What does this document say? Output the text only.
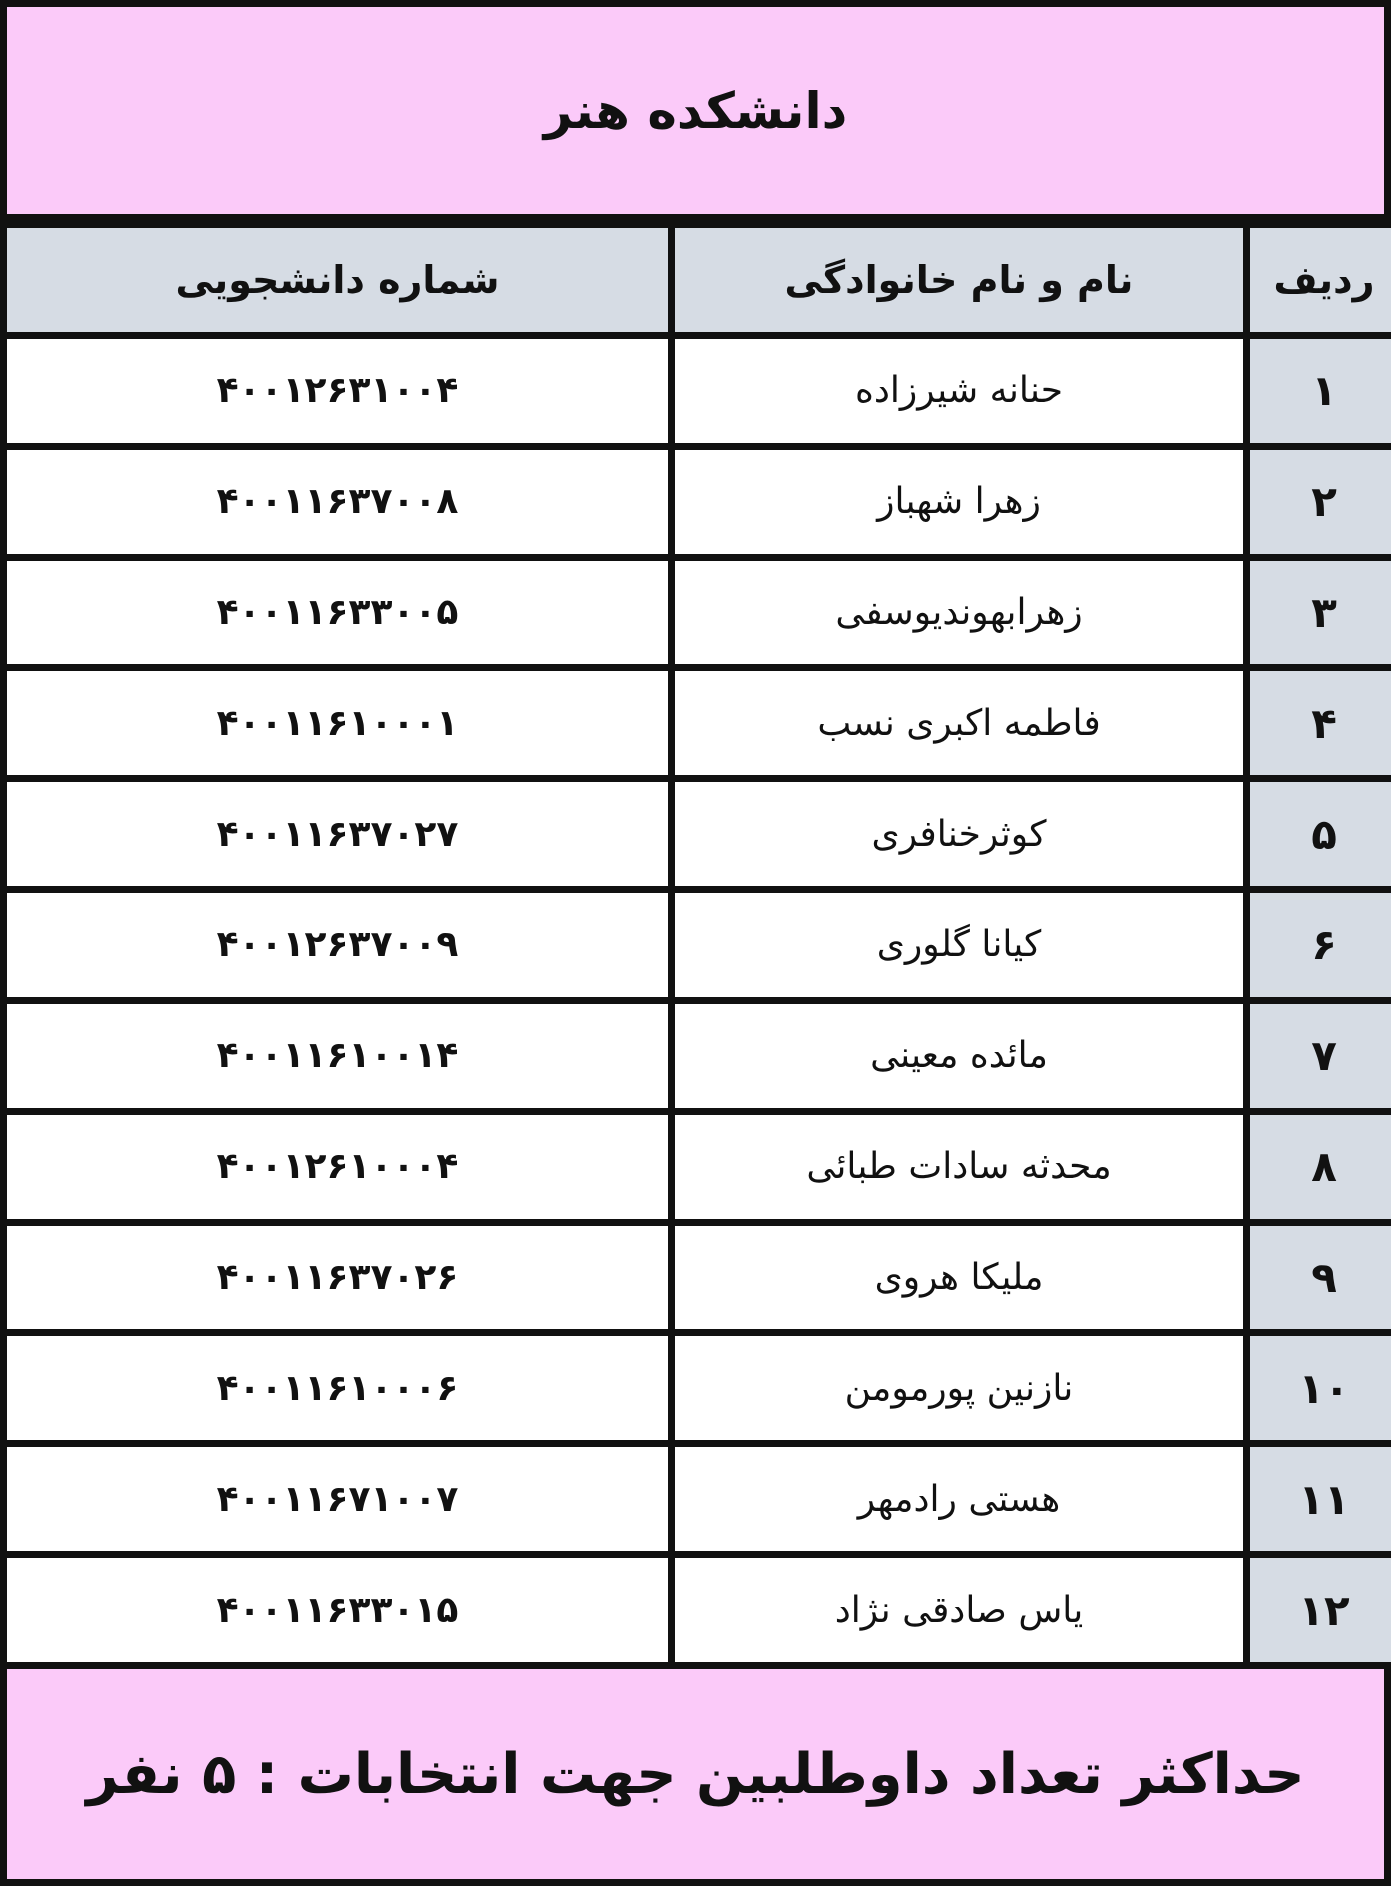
دانشکده هنر
شماره دانشجویی	نام و نام خانوادگی	ردیف
۴۰۰۱۲۶۳۱۰۰۴	حنانه شیرزاده	۱
۴۰۰۱۱۶۳۷۰۰۸	زهرا شهباز	۲
۴۰۰۱۱۶۳۳۰۰۵	زهرابهوندیوسفی	۳
۴۰۰۱۱۶۱۰۰۰۱	فاطمه اکبری نسب	۴
۴۰۰۱۱۶۳۷۰۲۷	کوثرخنافری	۵
۴۰۰۱۲۶۳۷۰۰۹	کیانا گلوری	۶
۴۰۰۱۱۶۱۰۰۱۴	مائده معینی	۷
۴۰۰۱۲۶۱۰۰۰۴	محدثه سادات طبائی	۸
۴۰۰۱۱۶۳۷۰۲۶	ملیکا هروی	۹
۴۰۰۱۱۶۱۰۰۰۶	نازنین پورمومن	۱۰
۴۰۰۱۱۶۷۱۰۰۷	هستی رادمهر	۱۱
۴۰۰۱۱۶۳۳۰۱۵	یاس صادقی نژاد	۱۲
حداکثر تعداد داوطلبین جهت انتخابات : ۵ نفر
